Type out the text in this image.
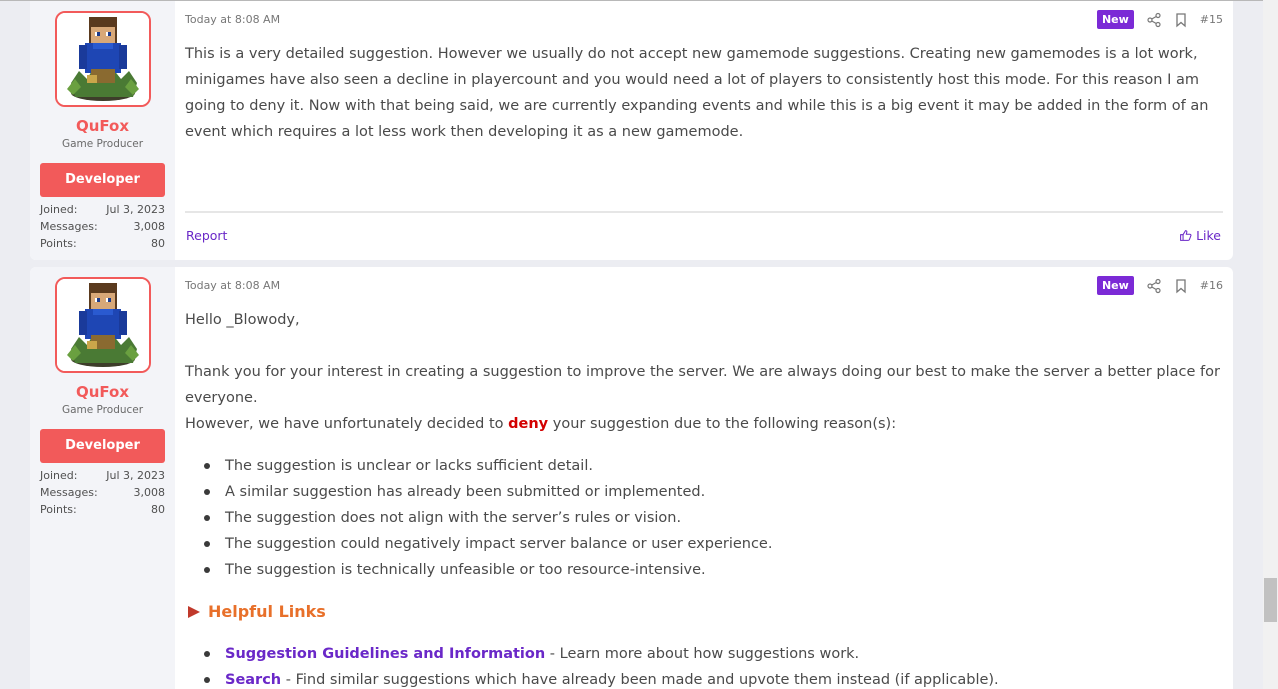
QuFox
Game Producer
Developer
Joined:	Jul 3, 2023
Messages:	3,008
Points:	80
Today at 8:08 AM	New	#15
This is a very detailed suggestion. However we usually do not accept new gamemode suggestions. Creating new gamemodes is a lot work, minigames have also seen a decline in playercount and you would need a lot of players to consistently host this mode. For this reason I am going to deny it. Now with that being said, we are currently expanding events and while this is a big event it may be added in the form of an event which requires a lot less work then developing it as a new gamemode.
Report	Like
QuFox
Game Producer
Developer
Joined:	Jul 3, 2023
Messages:	3,008
Points:	80
Today at 8:08 AM	New	#16
Hello _Blowody,
Thank you for your interest in creating a suggestion to improve the server. We are always doing our best to make the server a better place for everyone.
However, we have unfortunately decided to deny your suggestion due to the following reason(s):
The suggestion is unclear or lacks sufficient detail.
A similar suggestion has already been submitted or implemented.
The suggestion does not align with the server’s rules or vision.
The suggestion could negatively impact server balance or user experience.
The suggestion is technically unfeasible or too resource-intensive.
Helpful Links
Suggestion Guidelines and Information - Learn more about how suggestions work.
Search - Find similar suggestions which have already been made and upvote them instead (if applicable).
